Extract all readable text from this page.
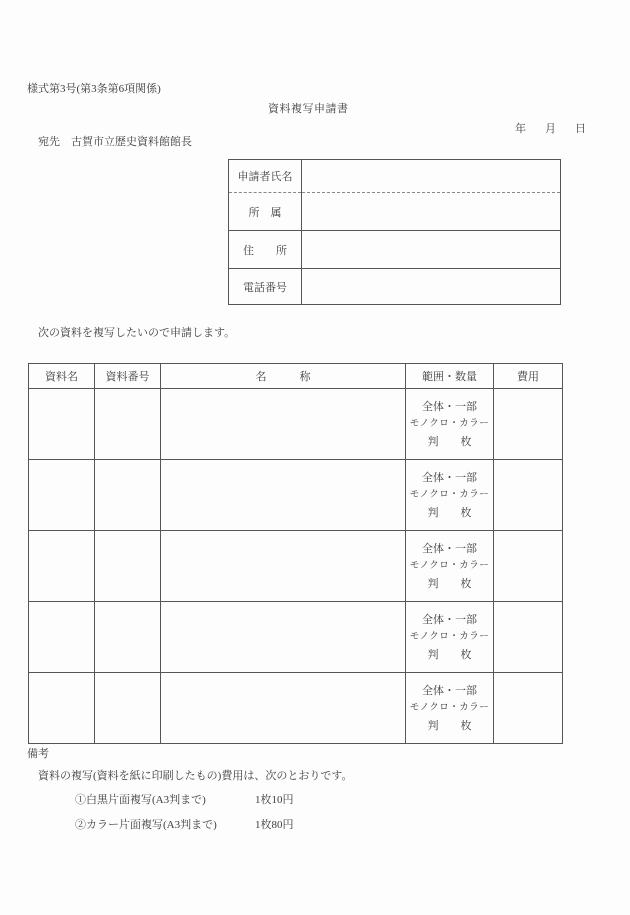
様式第3号(第3条第6項関係)
資料複写申請書
年 月 日
宛先 古賀市立歴史資料館館長
申請者氏名	
所　属	
住　　所	
電話番号	
次の資料を複写したいので申請します。
資料名	資料番号	名　　　称	範囲・数量	費用

			全体・一部
モノクロ・カラー
判　　枚	

			全体・一部
モノクロ・カラー
判　　枚	

			全体・一部
モノクロ・カラー
判　　枚	

			全体・一部
モノクロ・カラー
判　　枚	

			全体・一部
モノクロ・カラー
判　　枚	

備考
資料の複写(資料を紙に印刷したもの)費用は、次のとおりです。
①白黒片面複写(A3判まで)	1枚10円
②カラー片面複写(A3判まで)	1枚80円
